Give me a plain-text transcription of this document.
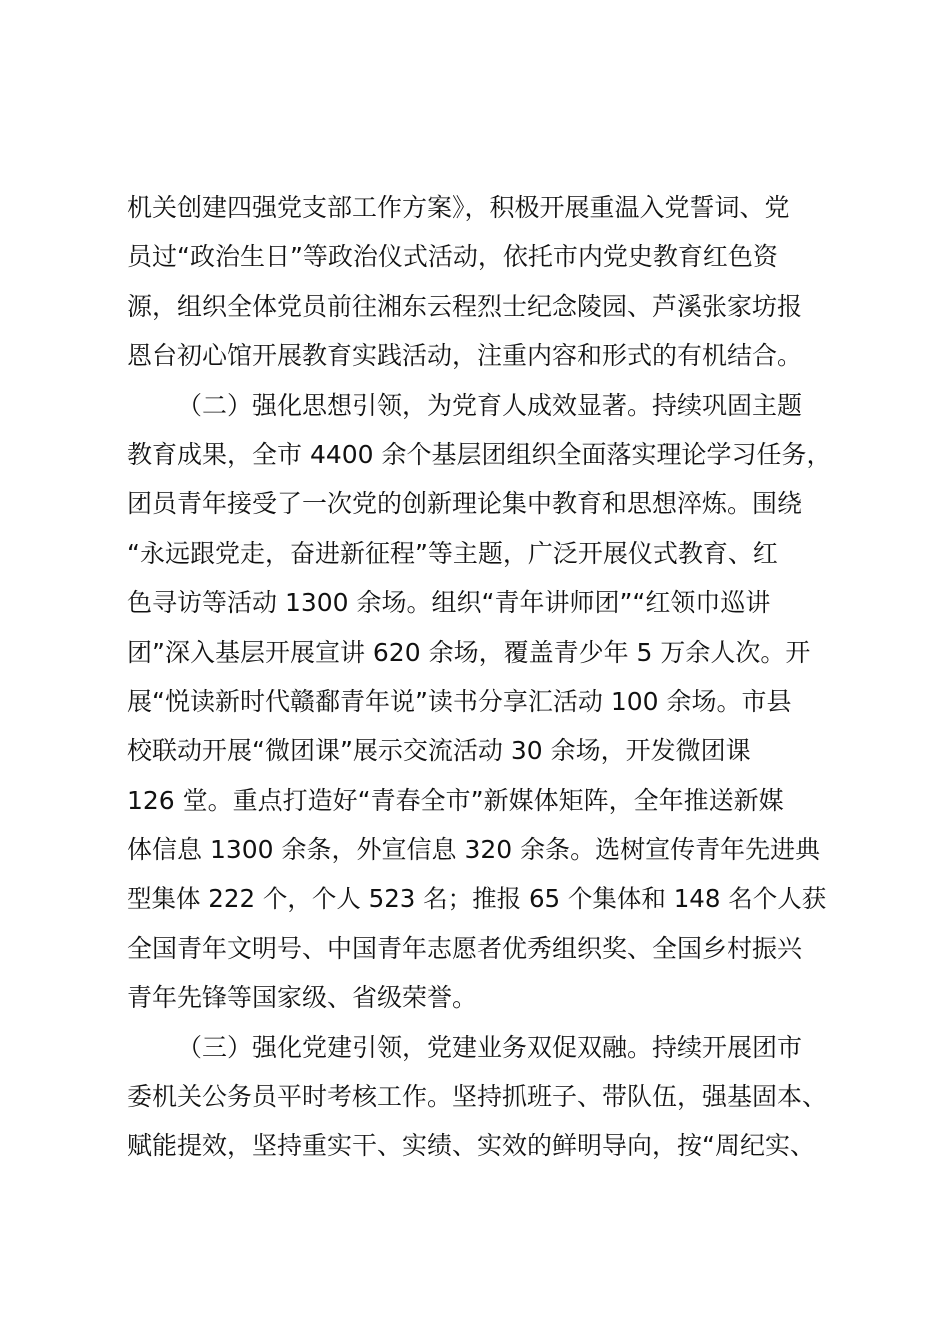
机关创建四强党支部工作方案》，积极开展重温入党誓词、党
员过“政治生日”等政治仪式活动，依托市内党史教育红色资
源，组织全体党员前往湘东云程烈士纪念陵园、芦溪张家坊报
恩台初心馆开展教育实践活动，注重内容和形式的有机结合。
（二）强化思想引领，为党育人成效显著。持续巩固主题
教育成果，全市 4400 余个基层团组织全面落实理论学习任务，
团员青年接受了一次党的创新理论集中教育和思想淬炼。围绕
“永远跟党走，奋进新征程”等主题，广泛开展仪式教育、红
色寻访等活动 1300 余场。组织“青年讲师团”“红领巾巡讲
团”深入基层开展宣讲 620 余场，覆盖青少年 5 万余人次。开
展“悦读新时代赣鄱青年说”读书分享汇活动 100 余场。市县
校联动开展“微团课”展示交流活动 30 余场，开发微团课
126 堂。重点打造好“青春全市”新媒体矩阵，全年推送新媒
体信息 1300 余条，外宣信息 320 余条。选树宣传青年先进典
型集体 222 个，个人 523 名；推报 65 个集体和 148 名个人获
全国青年文明号、中国青年志愿者优秀组织奖、全国乡村振兴
青年先锋等国家级、省级荣誉。
（三）强化党建引领，党建业务双促双融。持续开展团市
委机关公务员平时考核工作。坚持抓班子、带队伍，强基固本、
赋能提效，坚持重实干、实绩、实效的鲜明导向，按“周纪实、
